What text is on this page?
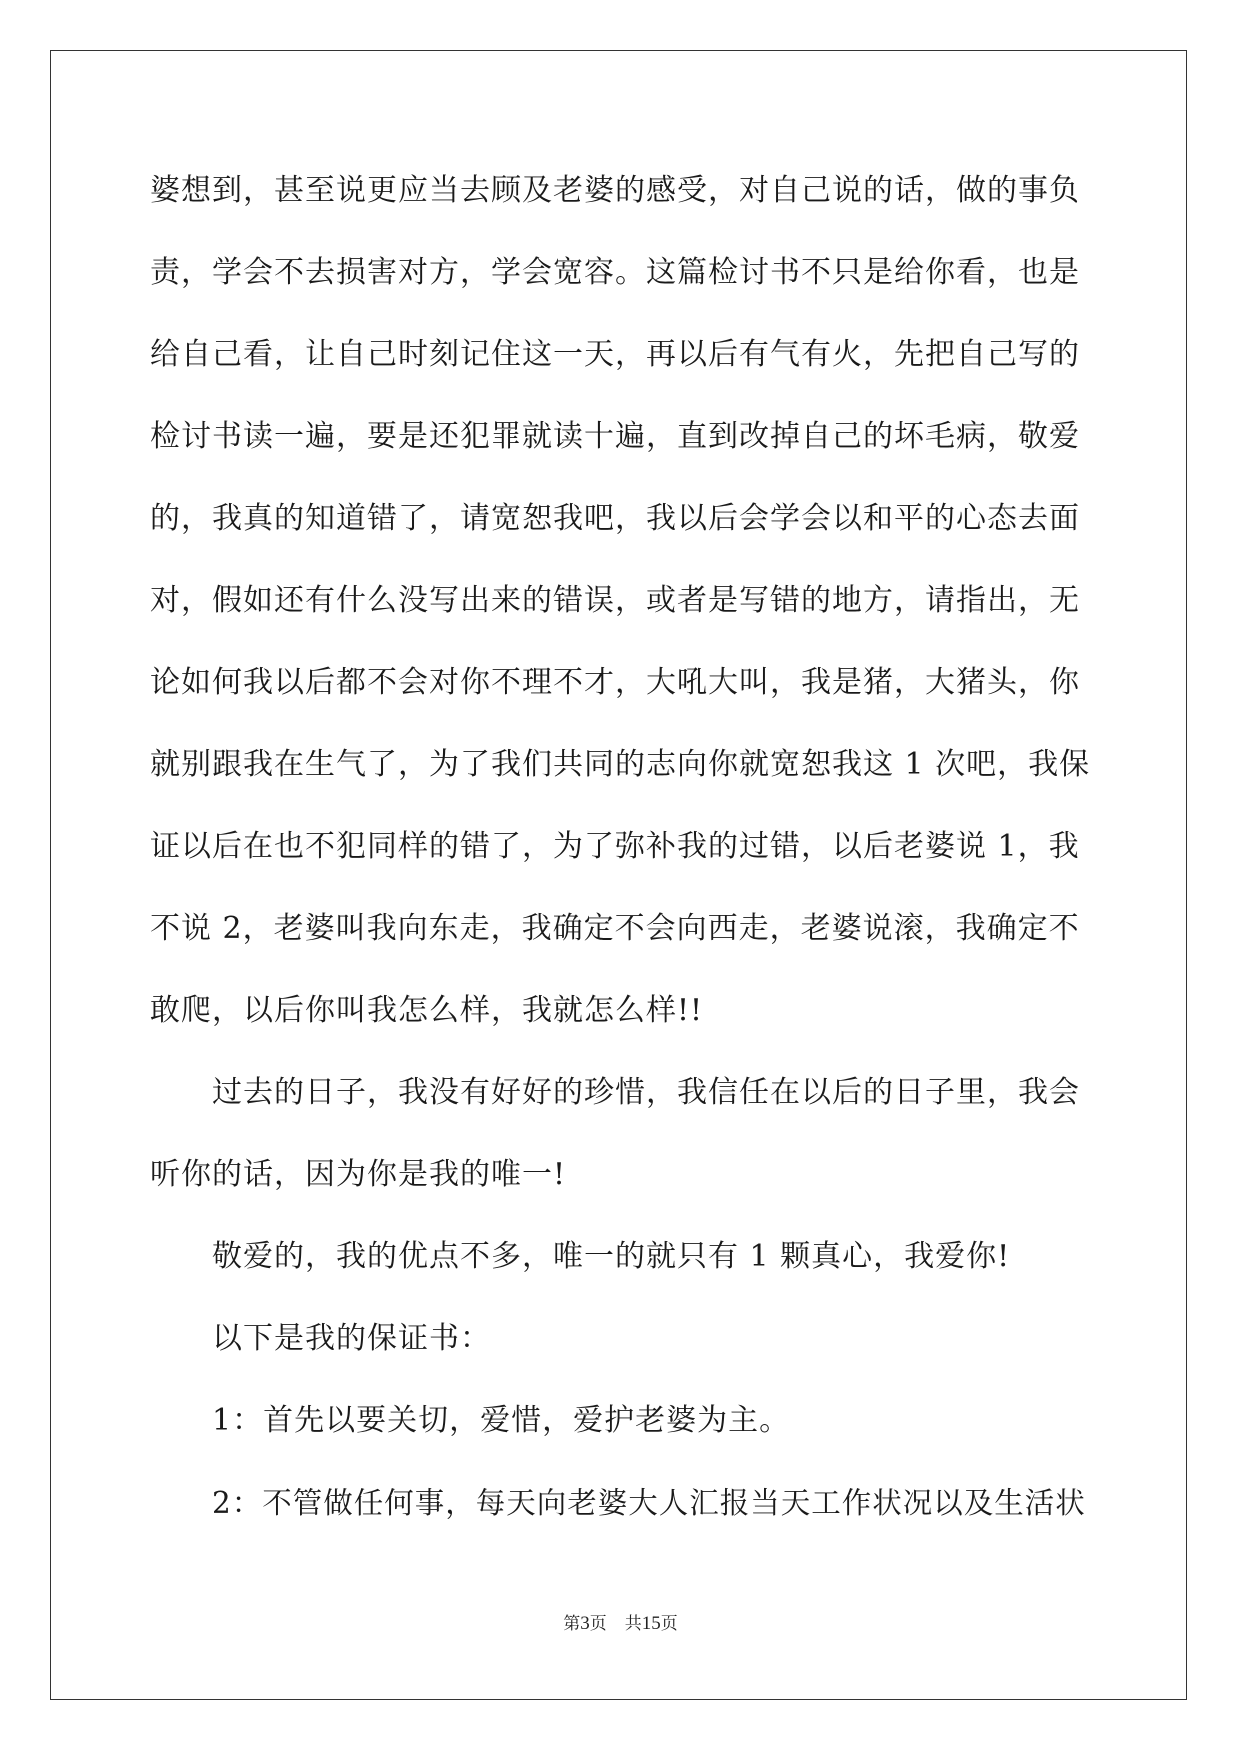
婆想到，甚至说更应当去顾及老婆的感受，对自己说的话，做的事负
责，学会不去损害对方，学会宽容。这篇检讨书不只是给你看，也是
给自己看，让自己时刻记住这一天，再以后有气有火，先把自己写的
检讨书读一遍，要是还犯罪就读十遍，直到改掉自己的坏毛病，敬爱
的，我真的知道错了，请宽恕我吧，我以后会学会以和平的心态去面
对，假如还有什么没写出来的错误，或者是写错的地方，请指出，无
论如何我以后都不会对你不理不才，大吼大叫，我是猪，大猪头，你
就别跟我在生气了，为了我们共同的志向你就宽恕我这 1 次吧，我保
证以后在也不犯同样的错了，为了弥补我的过错，以后老婆说 1，我
不说 2，老婆叫我向东走，我确定不会向西走，老婆说滚，我确定不
敢爬，以后你叫我怎么样，我就怎么样!!
过去的日子，我没有好好的珍惜，我信任在以后的日子里，我会
听你的话，因为你是我的唯一!
敬爱的，我的优点不多，唯一的就只有 1 颗真心，我爱你!
以下是我的保证书：
1：首先以要关切，爱惜，爱护老婆为主。
2：不管做任何事，每天向老婆大人汇报当天工作状况以及生活状
第3页 共15页
